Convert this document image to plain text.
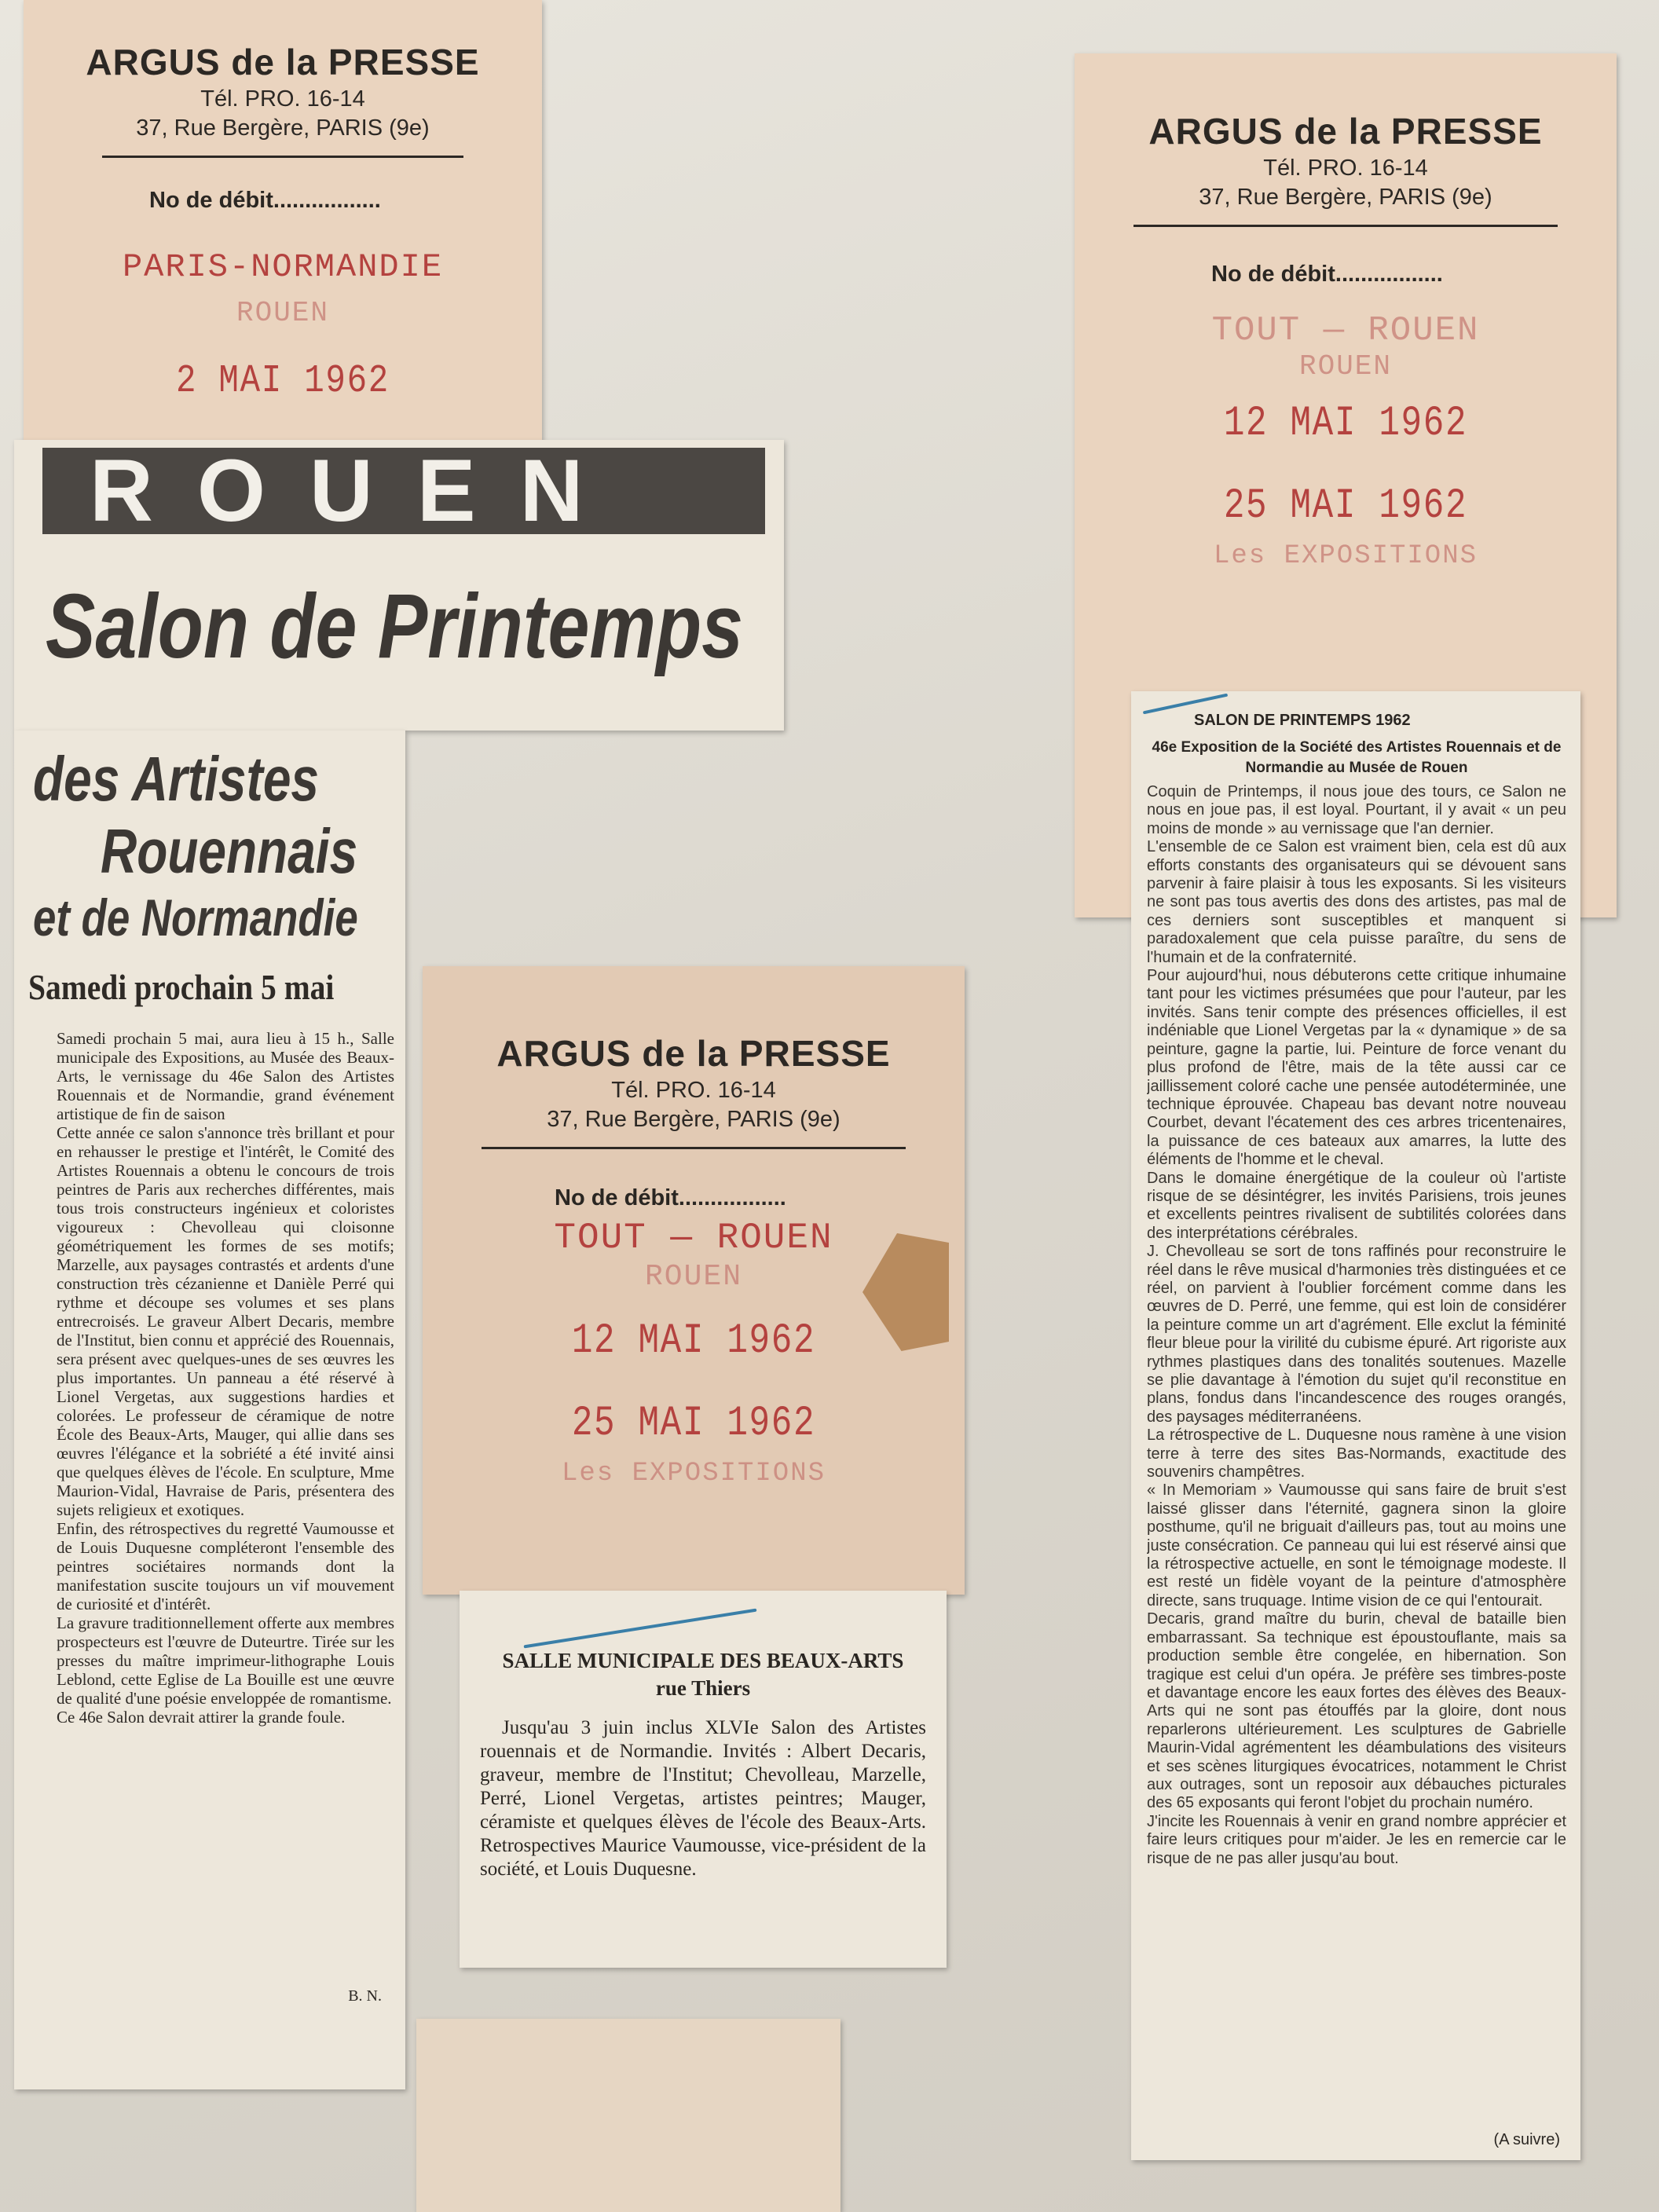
ARGUS de la PRESSE
Tél. PRO. 16-14
37, Rue Bergère, PARIS (9e)
No de débit.................
PARIS-NORMANDIE
ROUEN
2 MAI 1962
ROUEN
Salon de Printemps
des Artistes
Rouennais
et de Normandie
Samedi prochain 5 mai
Samedi prochain 5 mai, aura lieu à 15 h., Salle municipale des Expositions, au Musée des Beaux-Arts, le vernissage du 46e Salon des Artistes Rouennais et de Normandie, grand événement artistique de fin de saison
Cette année ce salon s'annonce très brillant et pour en rehausser le prestige et l'intérêt, le Comité des Artistes Rouennais a obtenu le concours de trois peintres de Paris aux recherches différentes, mais tous trois constructeurs ingénieux et coloristes vigoureux : Chevolleau qui cloisonne géométriquement les formes de ses motifs; Marzelle, aux paysages contrastés et ardents d'une construction très cézanienne et Danièle Perré qui rythme et découpe ses volumes et ses plans entrecroisés. Le graveur Albert Decaris, membre de l'Institut, bien connu et apprécié des Rouennais, sera présent avec quelques-unes de ses œuvres les plus importantes. Un panneau a été réservé à Lionel Vergetas, aux suggestions hardies et colorées. Le professeur de céramique de notre École des Beaux-Arts, Mauger, qui allie dans ses œuvres l'élégance et la sobriété a été invité ainsi que quelques élèves de l'école. En sculpture, Mme Maurion-Vidal, Havraise de Paris, présentera des sujets religieux et exotiques.
Enfin, des rétrospectives du regretté Vaumousse et de Louis Duquesne compléteront l'ensemble des peintres sociétaires normands dont la manifestation suscite toujours un vif mouvement de curiosité et d'intérêt.
La gravure traditionnellement offerte aux membres prospecteurs est l'œuvre de Duteurtre. Tirée sur les presses du maître imprimeur-lithographe Louis Leblond, cette Eglise de La Bouille est une œuvre de qualité d'une poésie enveloppée de romantisme.
Ce 46e Salon devrait attirer la grande foule.
B. N.
ARGUS de la PRESSE
Tél. PRO. 16-14
37, Rue Bergère, PARIS (9e)
No de débit.................
TOUT — ROUEN
ROUEN
12 MAI 1962
25 MAI 1962
Les EXPOSITIONS
SALLE MUNICIPALE DES BEAUX-ARTS
rue Thiers
Jusqu'au 3 juin inclus XLVIe Salon des Artistes rouennais et de Normandie. Invités : Albert Decaris, graveur, membre de l'Institut; Chevolleau, Marzelle, Perré, Lionel Vergetas, artistes peintres; Mauger, céramiste et quelques élèves de l'école des Beaux-Arts. Retrospectives Maurice Vaumousse, vice-président de la société, et Louis Duquesne.
ARGUS de la PRESSE
Tél. PRO. 16-14
37, Rue Bergère, PARIS (9e)
No de débit.................
TOUT — ROUEN
ROUEN
12 MAI 1962
25 MAI 1962
Les EXPOSITIONS
SALON DE PRINTEMPS 1962
46e Exposition de la Société des Artistes Rouennais et de Normandie au Musée de Rouen
Coquin de Printemps, il nous joue des tours, ce Salon ne nous en joue pas, il est loyal. Pourtant, il y avait « un peu moins de monde » au vernissage que l'an dernier.
L'ensemble de ce Salon est vraiment bien, cela est dû aux efforts constants des organisateurs qui se dévouent sans parvenir à faire plaisir à tous les exposants. Si les visiteurs ne sont pas tous avertis des dons des artistes, pas mal de ces derniers sont susceptibles et manquent si paradoxalement que cela puisse paraître, du sens de l'humain et de la confraternité.
Pour aujourd'hui, nous débuterons cette critique inhumaine tant pour les victimes présumées que pour l'auteur, par les invités. Sans tenir compte des présences officielles, il est indéniable que Lionel Vergetas par la « dynamique » de sa peinture, gagne la partie, lui. Peinture de force venant du plus profond de l'être, mais de la tête aussi car ce jaillissement coloré cache une pensée autodéterminée, une technique éprouvée. Chapeau bas devant notre nouveau Courbet, devant l'écatement des ces arbres tricentenaires, la puissance de ces bateaux aux amarres, la lutte des éléments de l'homme et le cheval.
Dans le domaine énergétique de la couleur où l'artiste risque de se désintégrer, les invités Parisiens, trois jeunes et excellents peintres rivalisent de subtilités colorées dans des interprétations cérébrales.
J. Chevolleau se sort de tons raffinés pour reconstruire le réel dans le rêve musical d'harmonies très distinguées et ce réel, on parvient à l'oublier forcément comme dans les œuvres de D. Perré, une femme, qui est loin de considérer la peinture comme un art d'agrément. Elle exclut la féminité fleur bleue pour la virilité du cubisme épuré. Art rigoriste aux rythmes plastiques dans des tonalités soutenues. Mazelle se plie davantage à l'émotion du sujet qu'il reconstitue en plans, fondus dans l'incandescence des rouges orangés, des paysages méditerranéens.
La rétrospective de L. Duquesne nous ramène à une vision terre à terre des sites Bas-Normands, exactitude des souvenirs champêtres.
« In Memoriam » Vaumousse qui sans faire de bruit s'est laissé glisser dans l'éternité, gagnera sinon la gloire posthume, qu'il ne briguait d'ailleurs pas, tout au moins une juste consécration. Ce panneau qui lui est réservé ainsi que la rétrospective actuelle, en sont le témoignage modeste. Il est resté un fidèle voyant de la peinture d'atmosphère directe, sans truquage. Intime vision de ce qui l'entourait.
Decaris, grand maître du burin, cheval de bataille bien embarrassant. Sa technique est époustouflante, mais sa production semble être congelée, en hibernation. Son tragique est celui d'un opéra. Je préfère ses timbres-poste et davantage encore les eaux fortes des élèves des Beaux-Arts qui ne sont pas étouffés par la gloire, dont nous reparlerons ultérieurement. Les sculptures de Gabrielle Maurin-Vidal agrémentent les déambulations des visiteurs et ses scènes liturgiques évocatrices, notamment le Christ aux outrages, sont un reposoir aux débauches picturales des 65 exposants qui feront l'objet du prochain numéro.
J'incite les Rouennais à venir en grand nombre apprécier et faire leurs critiques pour m'aider. Je les en remercie car le risque de ne pas aller jusqu'au bout.
(A suivre)
